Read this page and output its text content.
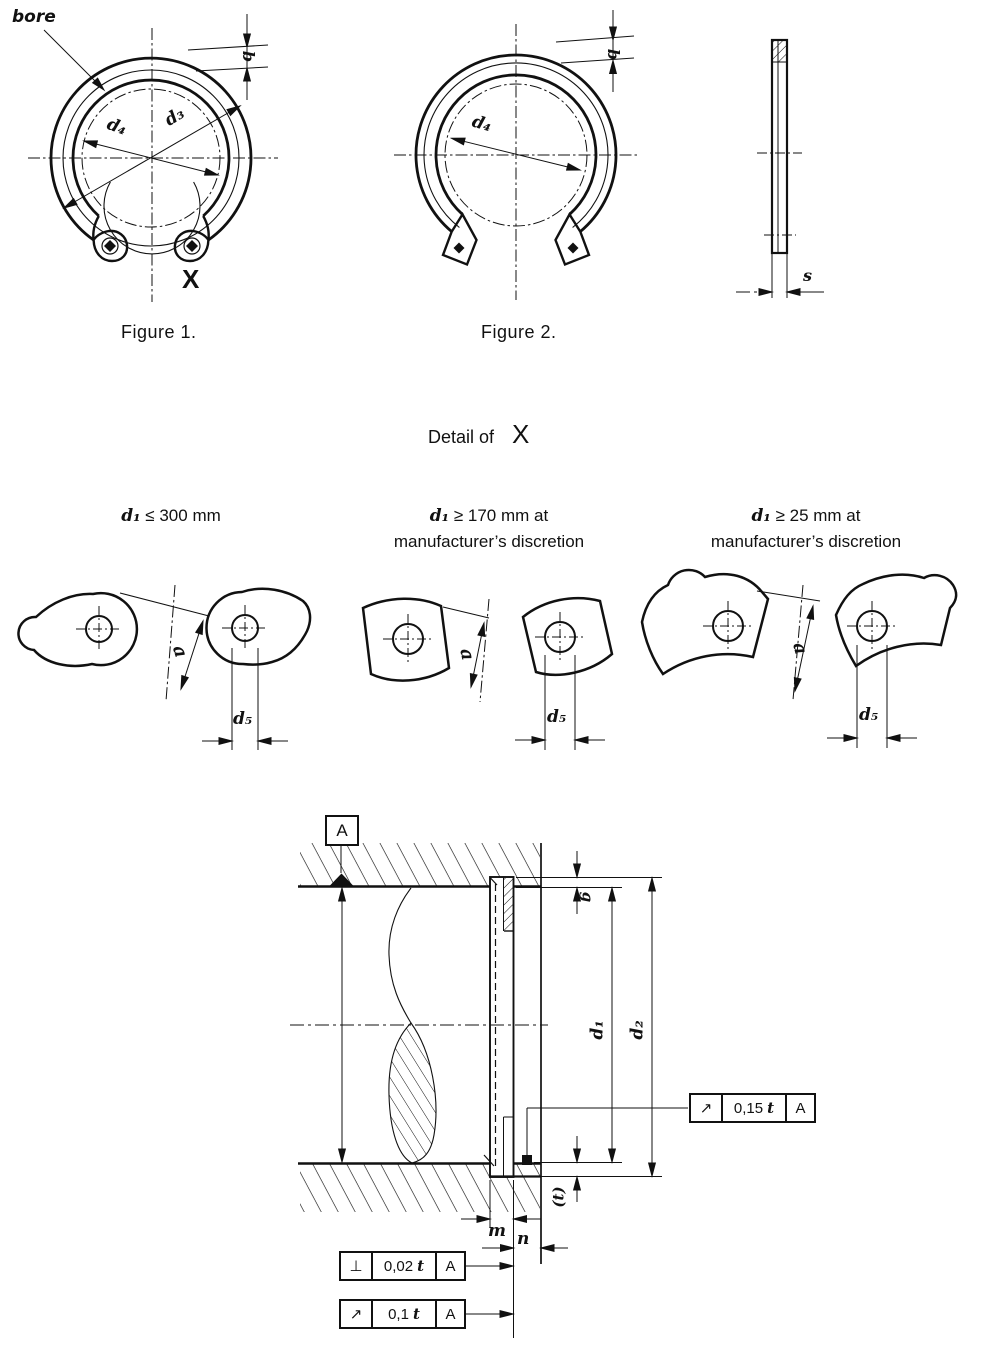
bore
b
d₄ d₃
X
Figure 1.
b
d₄
Figure 2.
s
Detail of X
d₁ ≤ 300 mm	d₁ ≥ 170 mm at
manufacturer’s discretion
d₁ ≥ 25 mm at
manufacturer’s discretion
a
d₅
a
d₅
a
d₅
A
g
d₁ d₂
(t)
m n
↗	0,15 t	A
⊥	0,02 t	A
↗	0,1 t	A
